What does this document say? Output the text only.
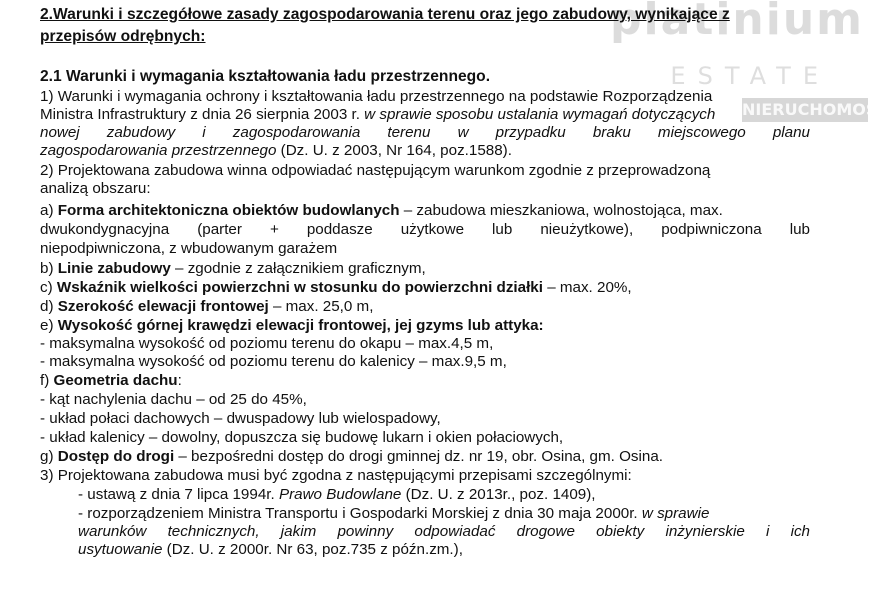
platinium
ESTATE
NIERUCHOMOŚCI
2.Warunki i szczegółowe zasady zagospodarowania terenu oraz jego zabudowy, wynikające z
przepisów odrębnych:
2.1 Warunki i wymagania kształtowania ładu przestrzennego.
1) Warunki i wymagania ochrony i kształtowania ładu przestrzennego na podstawie Rozporządzenia
Ministra Infrastruktury z dnia 26 sierpnia 2003 r. w sprawie sposobu ustalania wymagań dotyczących
nowej zabudowy i zagospodarowania terenu w przypadku braku miejscowego planu
zagospodarowania przestrzennego (Dz. U. z 2003, Nr 164, poz.1588).
2) Projektowana zabudowa winna odpowiadać następującym warunkom zgodnie z przeprowadzoną
analizą obszaru:
a) Forma architektoniczna obiektów budowlanych – zabudowa mieszkaniowa, wolnostojąca, max.
dwukondygnacyjna (parter + poddasze użytkowe lub nieużytkowe), podpiwniczona lub
niepodpiwniczona, z wbudowanym garażem
b) Linie zabudowy – zgodnie z załącznikiem graficznym,
c) Wskaźnik wielkości powierzchni w stosunku do powierzchni działki – max. 20%,
d) Szerokość elewacji frontowej – max. 25,0 m,
e) Wysokość górnej krawędzi elewacji frontowej, jej gzyms lub attyka:
- maksymalna wysokość od poziomu terenu do okapu – max.4,5 m,
- maksymalna wysokość od poziomu terenu do kalenicy – max.9,5 m,
f) Geometria dachu:
- kąt nachylenia dachu – od 25 do 45%,
- układ połaci dachowych – dwuspadowy lub wielospadowy,
- układ kalenicy – dowolny, dopuszcza się budowę lukarn i okien połaciowych,
g) Dostęp do drogi – bezpośredni dostęp do drogi gminnej dz. nr 19, obr. Osina, gm. Osina.
3) Projektowana zabudowa musi być zgodna z następującymi przepisami szczególnymi:
- ustawą z dnia 7 lipca 1994r. Prawo Budowlane (Dz. U. z 2013r., poz. 1409),
- rozporządzeniem Ministra Transportu i Gospodarki Morskiej z dnia 30 maja 2000r. w sprawie
warunków technicznych, jakim powinny odpowiadać drogowe obiekty inżynierskie i ich
usytuowanie (Dz. U. z 2000r. Nr 63, poz.735 z późn.zm.),
